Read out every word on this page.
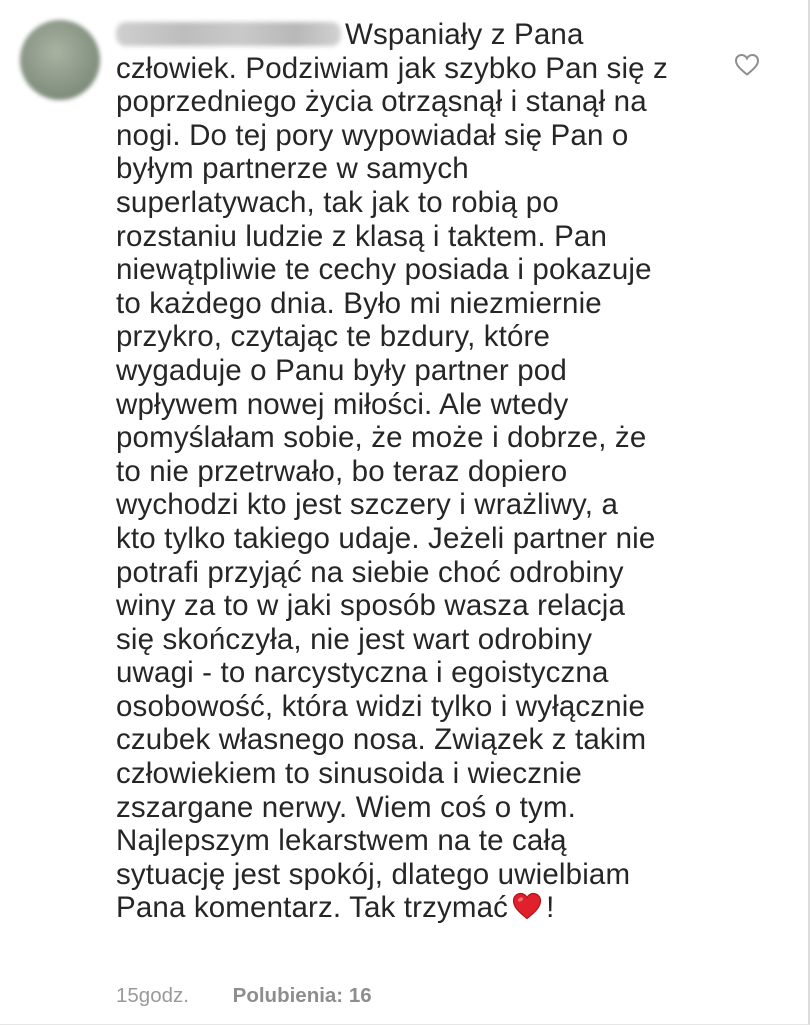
Wspaniały z Pana
człowiek. Podziwiam jak szybko Pan się z
poprzedniego życia otrząsnął i stanął na
nogi. Do tej pory wypowiadał się Pan o
byłym partnerze w samych
superlatywach, tak jak to robią po
rozstaniu ludzie z klasą i taktem. Pan
niewątpliwie te cechy posiada i pokazuje
to każdego dnia. Było mi niezmiernie
przykro, czytając te bzdury, które
wygaduje o Panu były partner pod
wpływem nowej miłości. Ale wtedy
pomyślałam sobie, że może i dobrze, że
to nie przetrwało, bo teraz dopiero
wychodzi kto jest szczery i wrażliwy, a
kto tylko takiego udaje. Jeżeli partner nie
potrafi przyjąć na siebie choć odrobiny
winy za to w jaki sposób wasza relacja
się skończyła, nie jest wart odrobiny
uwagi - to narcystyczna i egoistyczna
osobowość, która widzi tylko i wyłącznie
czubek własnego nosa. Związek z takim
człowiekiem to sinusoida i wiecznie
zszargane nerwy. Wiem coś o tym.
Najlepszym lekarstwem na te całą
sytuację jest spokój, dlatego uwielbiam
Pana komentarz. Tak trzymać !
15godz. Polubienia: 16
